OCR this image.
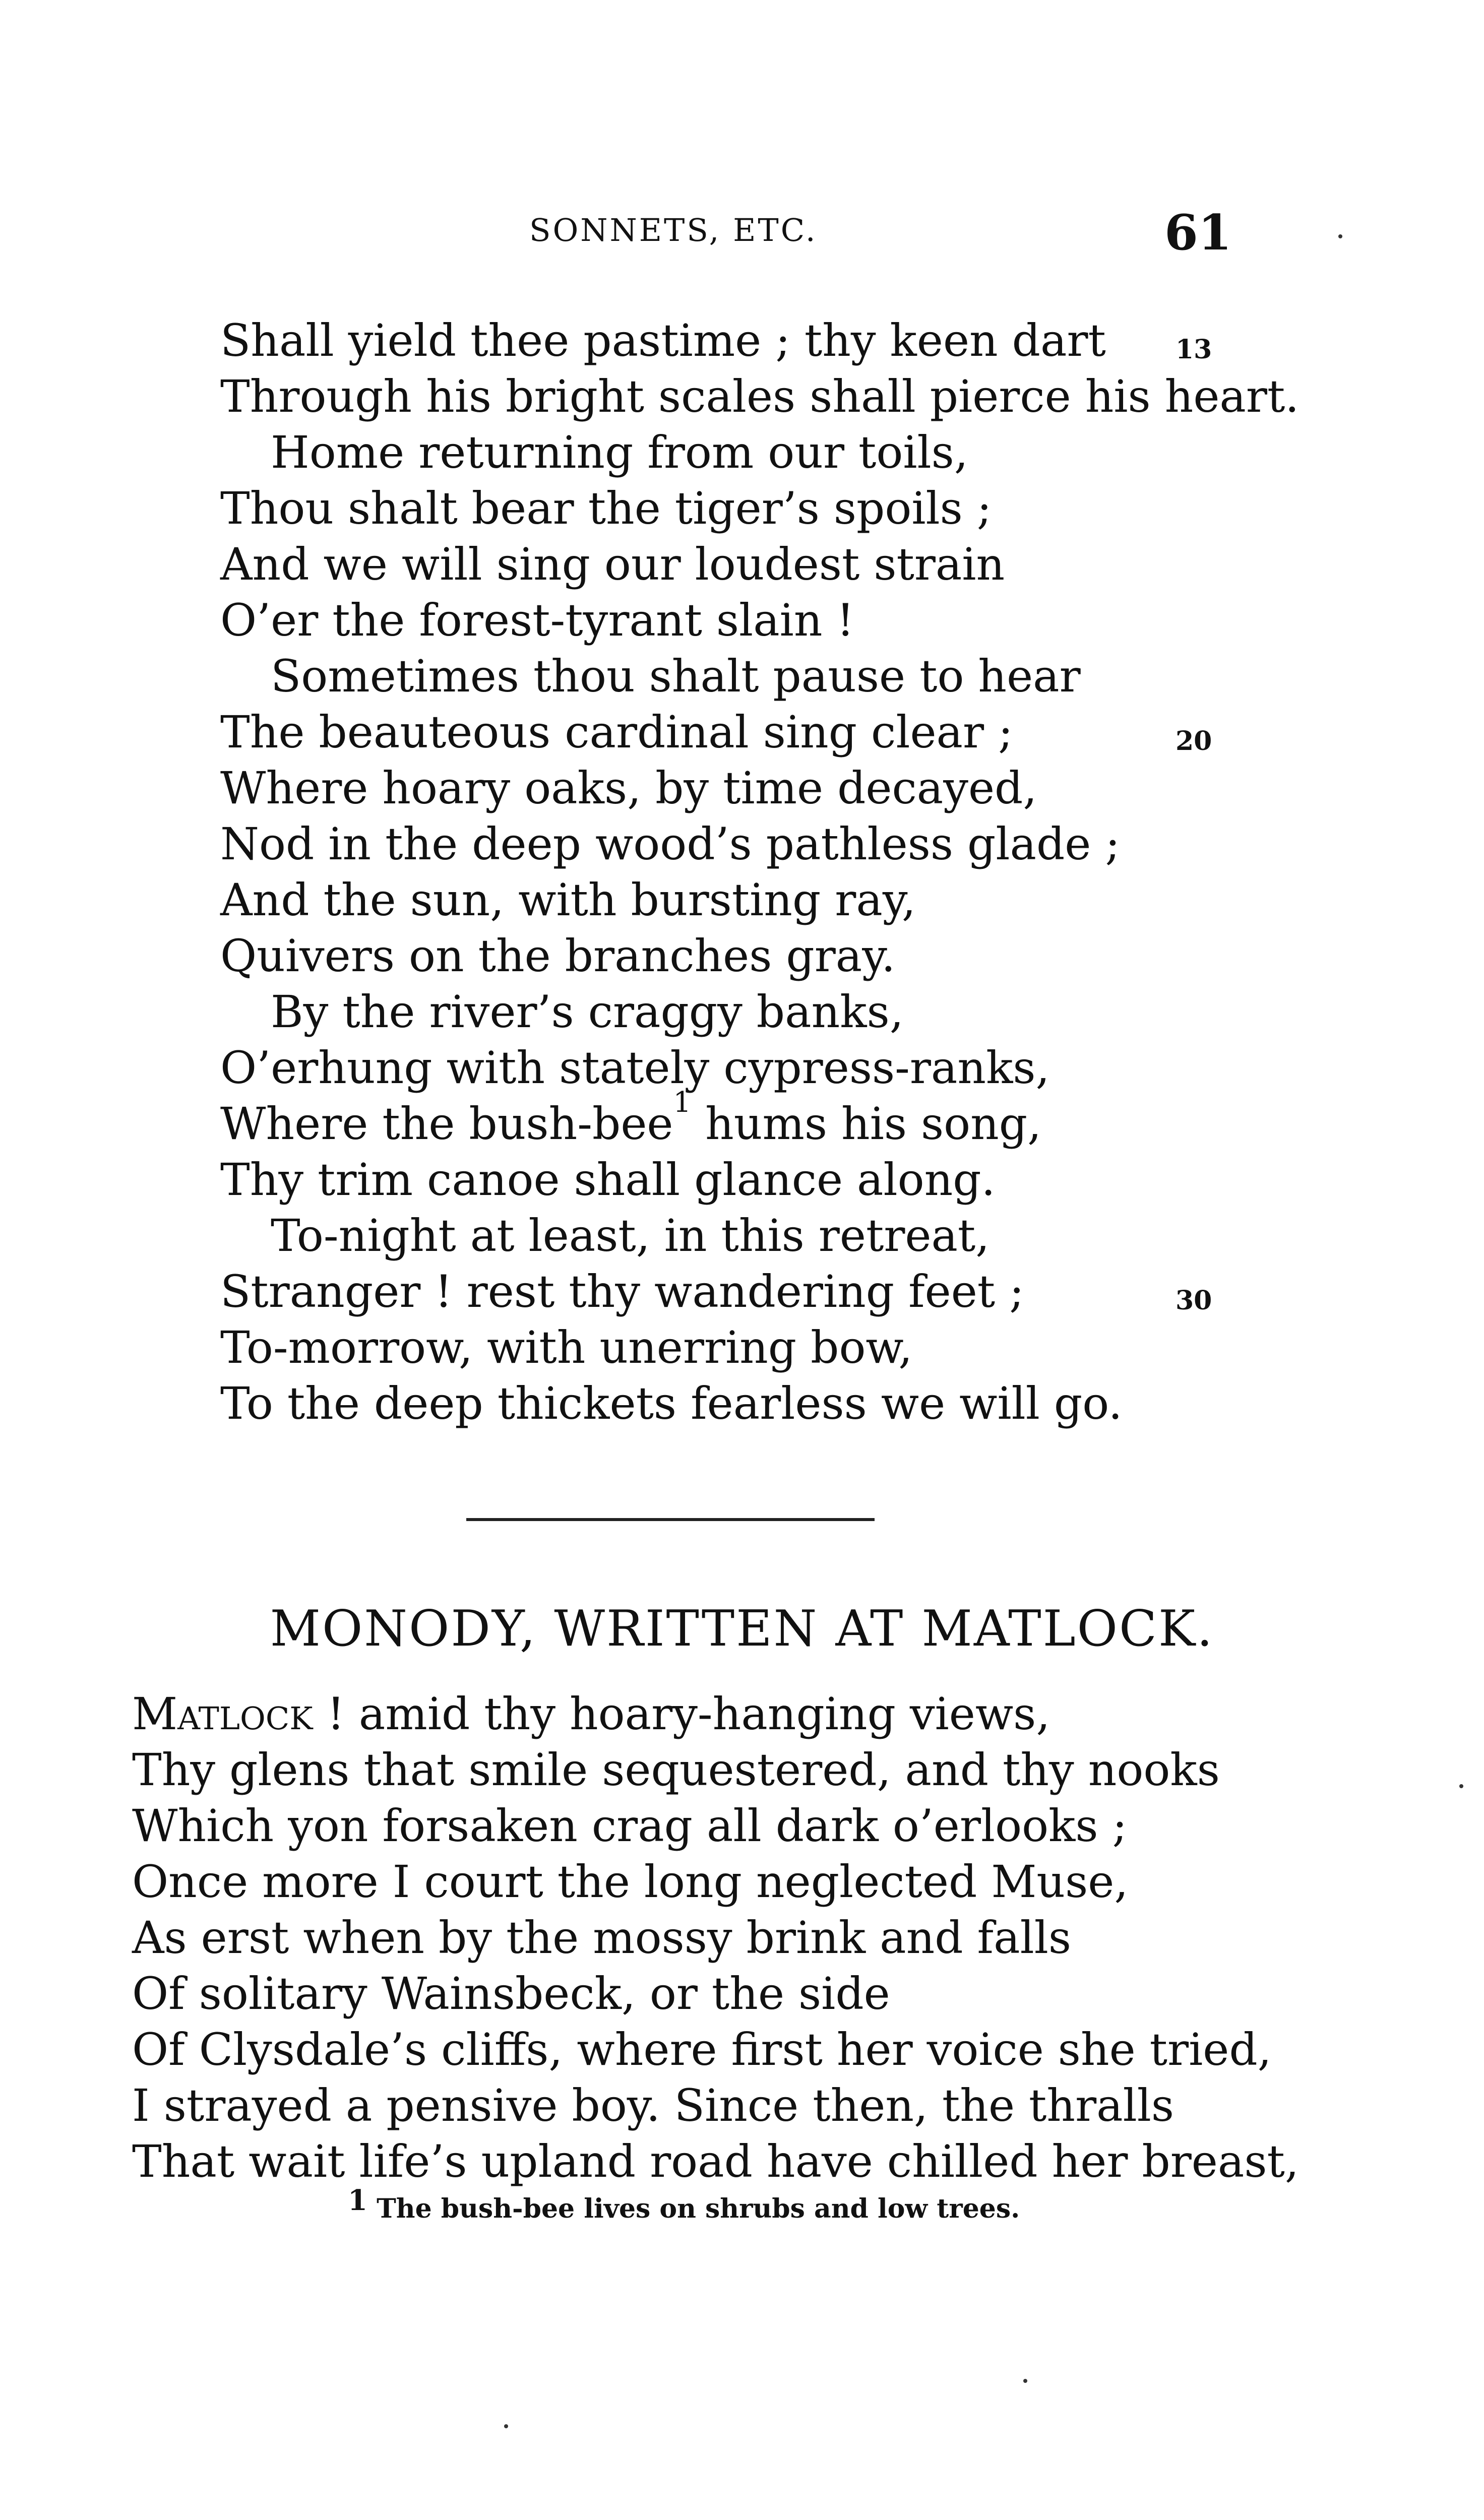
SONNETS, ETC.	61
Shall yield thee pastime ; thy keen dart	13
Through his bright scales shall pierce his heart.
Home returning from our toils,
Thou shalt bear the tiger’s spoils ;
And we will sing our loudest strain
O’er the forest-tyrant slain !
Sometimes thou shalt pause to hear
The beauteous cardinal sing clear ;	20
Where hoary oaks, by time decayed,
Nod in the deep wood’s pathless glade ;
And the sun, with bursting ray,
Quivers on the branches gray.
By the river’s craggy banks,
O’erhung with stately cypress-ranks,
Where the bush-bee$^1$ hums his song,
Thy trim canoe shall glance along.
To-night at least, in this retreat,
Stranger ! rest thy wandering feet ;	30
To-morrow, with unerring bow,
To the deep thickets fearless we will go.
MONODY, WRITTEN AT MATLOCK.
Matlock ! amid thy hoary-hanging views,
Thy glens that smile sequestered, and thy nooks
Which yon forsaken crag all dark o’erlooks ;
Once more I court the long neglected Muse,
As erst when by the mossy brink and falls
Of solitary Wainsbeck, or the side
Of Clysdale’s cliffs, where first her voice she tried,
I strayed a pensive boy. Since then, the thralls
That wait life’s upland road have chilled her breast,
$^1$ The bush-bee lives on shrubs and low trees.
